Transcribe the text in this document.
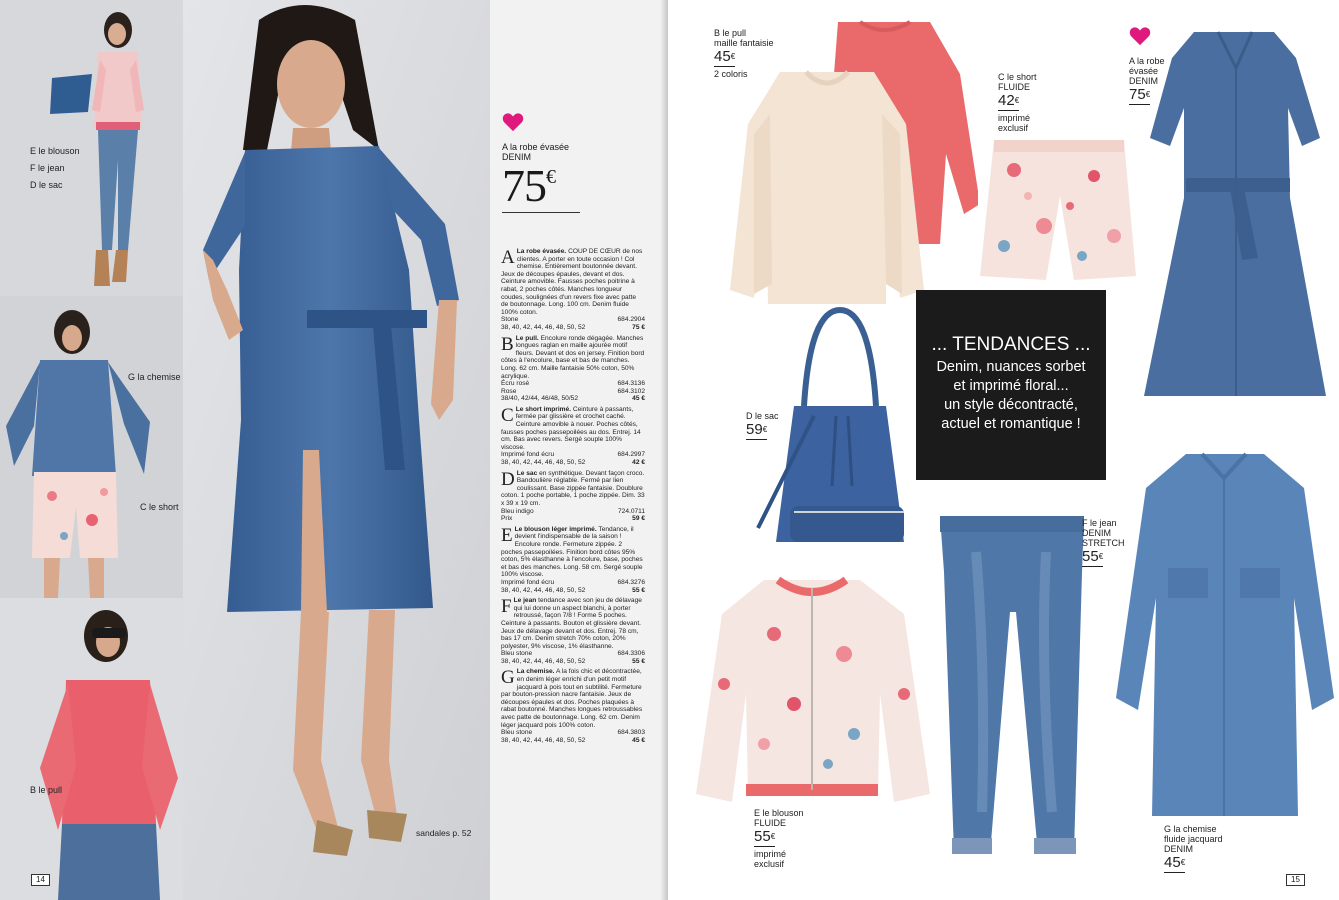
E le blouson
F le jean
D le sac
G la chemise
C le short
B le pull
14
sandales p. 52
A la robe évasée
DENIM
75€
A La robe évasée. COUP DE CŒUR de nos clientes. A porter en toute occasion ! Col chemise. Entièrement boutonnée devant. Jeux de découpes épaules, devant et dos. Ceinture amovible. Fausses poches poitrine à rabat, 2 poches côtés. Manches longueur coudes, soulignées d'un revers fixe avec patte de boutonnage. Long. 100 cm. Denim fluide 100% coton.
Stone	684.2904
38, 40, 42, 44, 46, 48, 50, 52	75 €
B Le pull. Encolure ronde dégagée. Manches longues raglan en maille ajourée motif fleurs. Devant et dos en jersey. Finition bord côtes à l'encolure, base et bas de manches. Long. 62 cm. Maille fantaisie 50% coton, 50% acrylique.
Écru rosé	684.3136
Rose	684.3102
38/40, 42/44, 46/48, 50/52	45 €
C Le short imprimé. Ceinture à passants, fermée par glissière et crochet caché. Ceinture amovible à nouer. Poches côtés, fausses poches passepoilées au dos. Entrej. 14 cm. Bas avec revers. Sergé souple 100% viscose.
Imprimé fond écru	684.2997
38, 40, 42, 44, 46, 48, 50, 52	42 €
D Le sac en synthétique. Devant façon croco. Bandoulière réglable. Fermé par lien coulissant. Base zippée fantaisie. Doublure coton. 1 poche portable, 1 poche zippée. Dim. 33 x 39 x 19 cm.
Bleu indigo	724.0711
Prix	59 €
E Le blouson léger imprimé. Tendance, il devient l'indispensable de la saison ! Encolure ronde. Fermeture zippée. 2 poches passepoilées. Finition bord côtes 95% coton, 5% élasthanne à l'encolure, base, poches et bas des manches. Long. 58 cm. Sergé souple 100% viscose.
Imprimé fond écru	684.3276
38, 40, 42, 44, 46, 48, 50, 52	55 €
F Le jean tendance avec son jeu de délavage qui lui donne un aspect blanchi, à porter retroussé, façon 7/8 ! Forme 5 poches. Ceinture à passants. Bouton et glissière devant. Jeux de délavage devant et dos. Entrej. 78 cm, bas 17 cm. Denim stretch 70% coton, 20% polyester, 9% viscose, 1% élasthanne.
Bleu stone	684.3306
38, 40, 42, 44, 46, 48, 50, 52	55 €
G La chemise. A la fois chic et décontractée, en denim léger enrichi d'un petit motif jacquard à pois tout en subtilité. Fermeture par bouton-pression nacre fantaisie. Jeux de découpes épaules et dos. Poches plaquées à rabat boutonné. Manches longues retroussables avec patte de boutonnage. Long. 62 cm. Denim léger jacquard pois 100% coton.
Bleu stone	684.3803
38, 40, 42, 44, 46, 48, 50, 52	45 €
B le pull
maille fantaisie
45€
2 coloris	C le short
FLUIDE
42€
imprimé
exclusif
A la robe
évasée
DENIM
75€
D le sac
59€
F le jean
DENIM
STRETCH
55€
E le blouson
FLUIDE
55€
imprimé
exclusif
G la chemise
fluide jacquard
DENIM
45€
15
... TENDANCES ...
Denim, nuances sorbet
et imprimé floral...
un style décontracté,
actuel et romantique !
